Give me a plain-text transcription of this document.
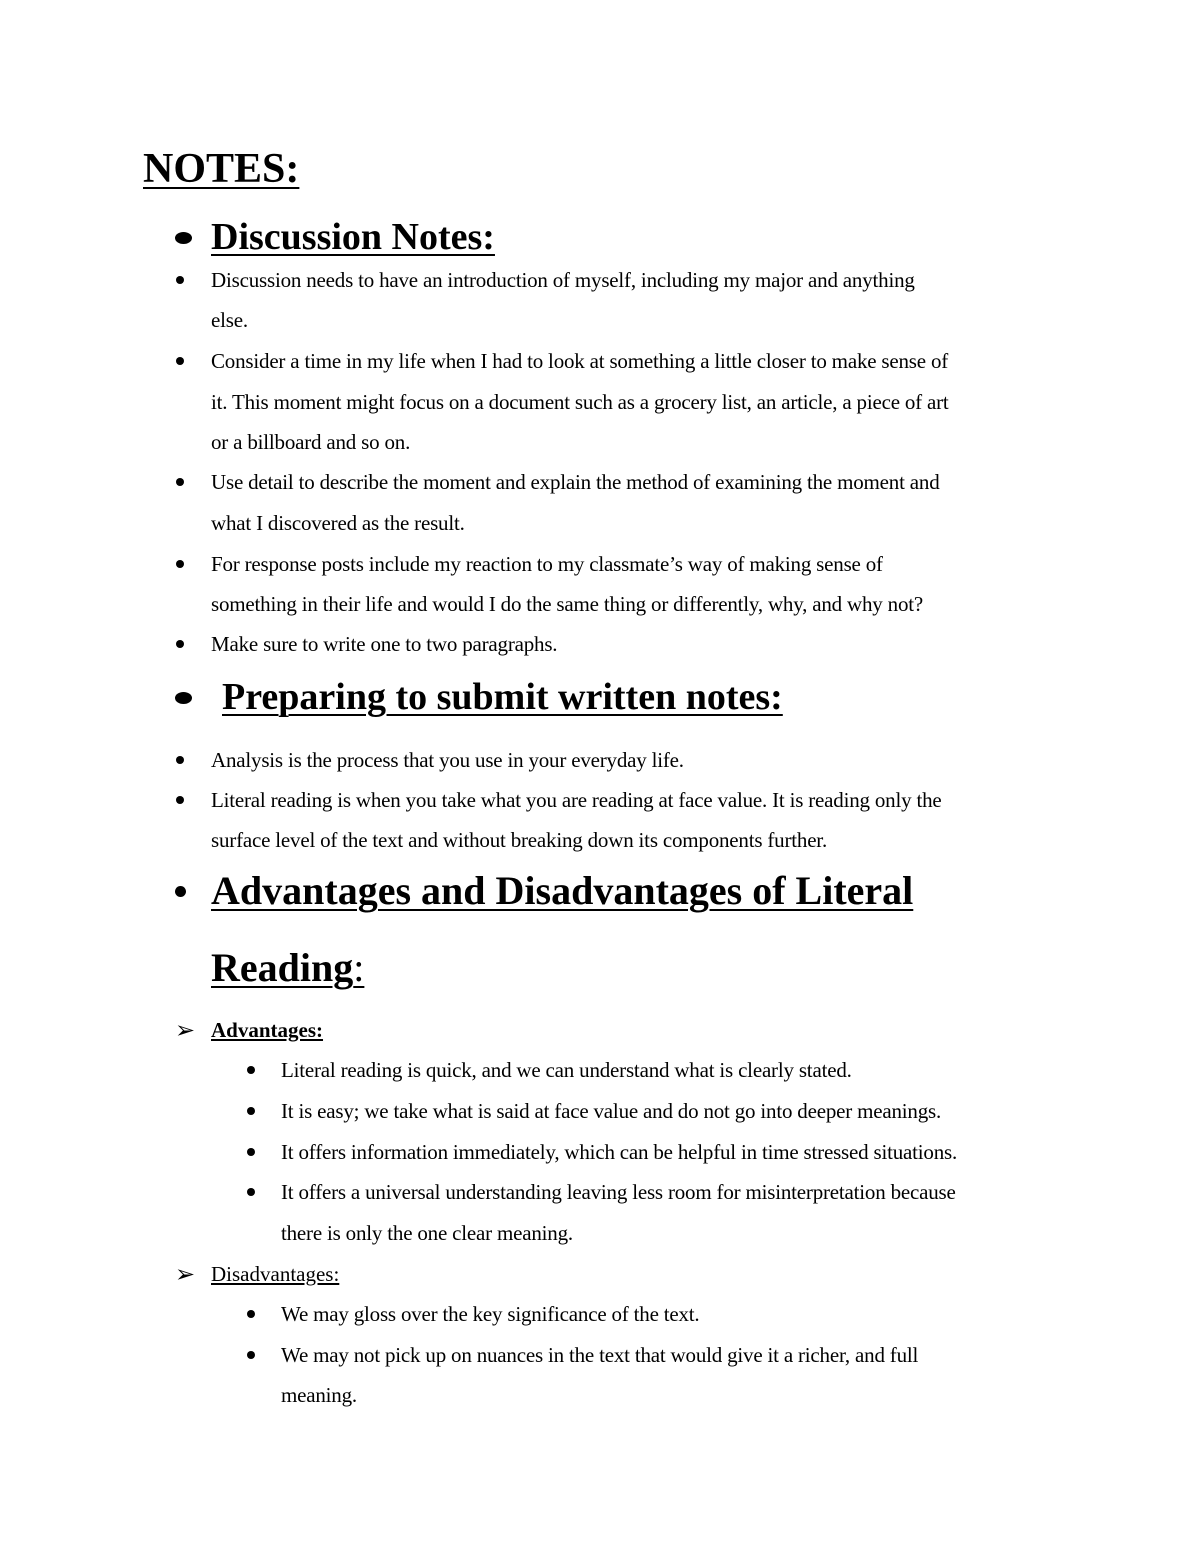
NOTES:
Discussion Notes:

Discussion needs to have an introduction of myself, including my major and anything

else.

Consider a time in my life when I had to look at something a little closer to make sense of

it. This moment might focus on a document such as a grocery list, an article, a piece of art

or a billboard and so on.

Use detail to describe the moment and explain the method of examining the moment and

what I discovered as the result.

For response posts include my reaction to my classmate’s way of making sense of

something in their life and would I do the same thing or differently, why, and why not?

Make sure to write one to two paragraphs.

Preparing to submit written notes:

Analysis is the process that you use in your everyday life.

Literal reading is when you take what you are reading at face value. It is reading only the

surface level of the text and without breaking down its components further.

Advantages and Disadvantages of Literal
Reading:
➢ Advantages:

Literal reading is quick, and we can understand what is clearly stated.

It is easy; we take what is said at face value and do not go into deeper meanings.

It offers information immediately, which can be helpful in time stressed situations.

It offers a universal understanding leaving less room for misinterpretation because

there is only the one clear meaning.

➢ Disadvantages:

We may gloss over the key significance of the text.

We may not pick up on nuances in the text that would give it a richer, and full

meaning.
